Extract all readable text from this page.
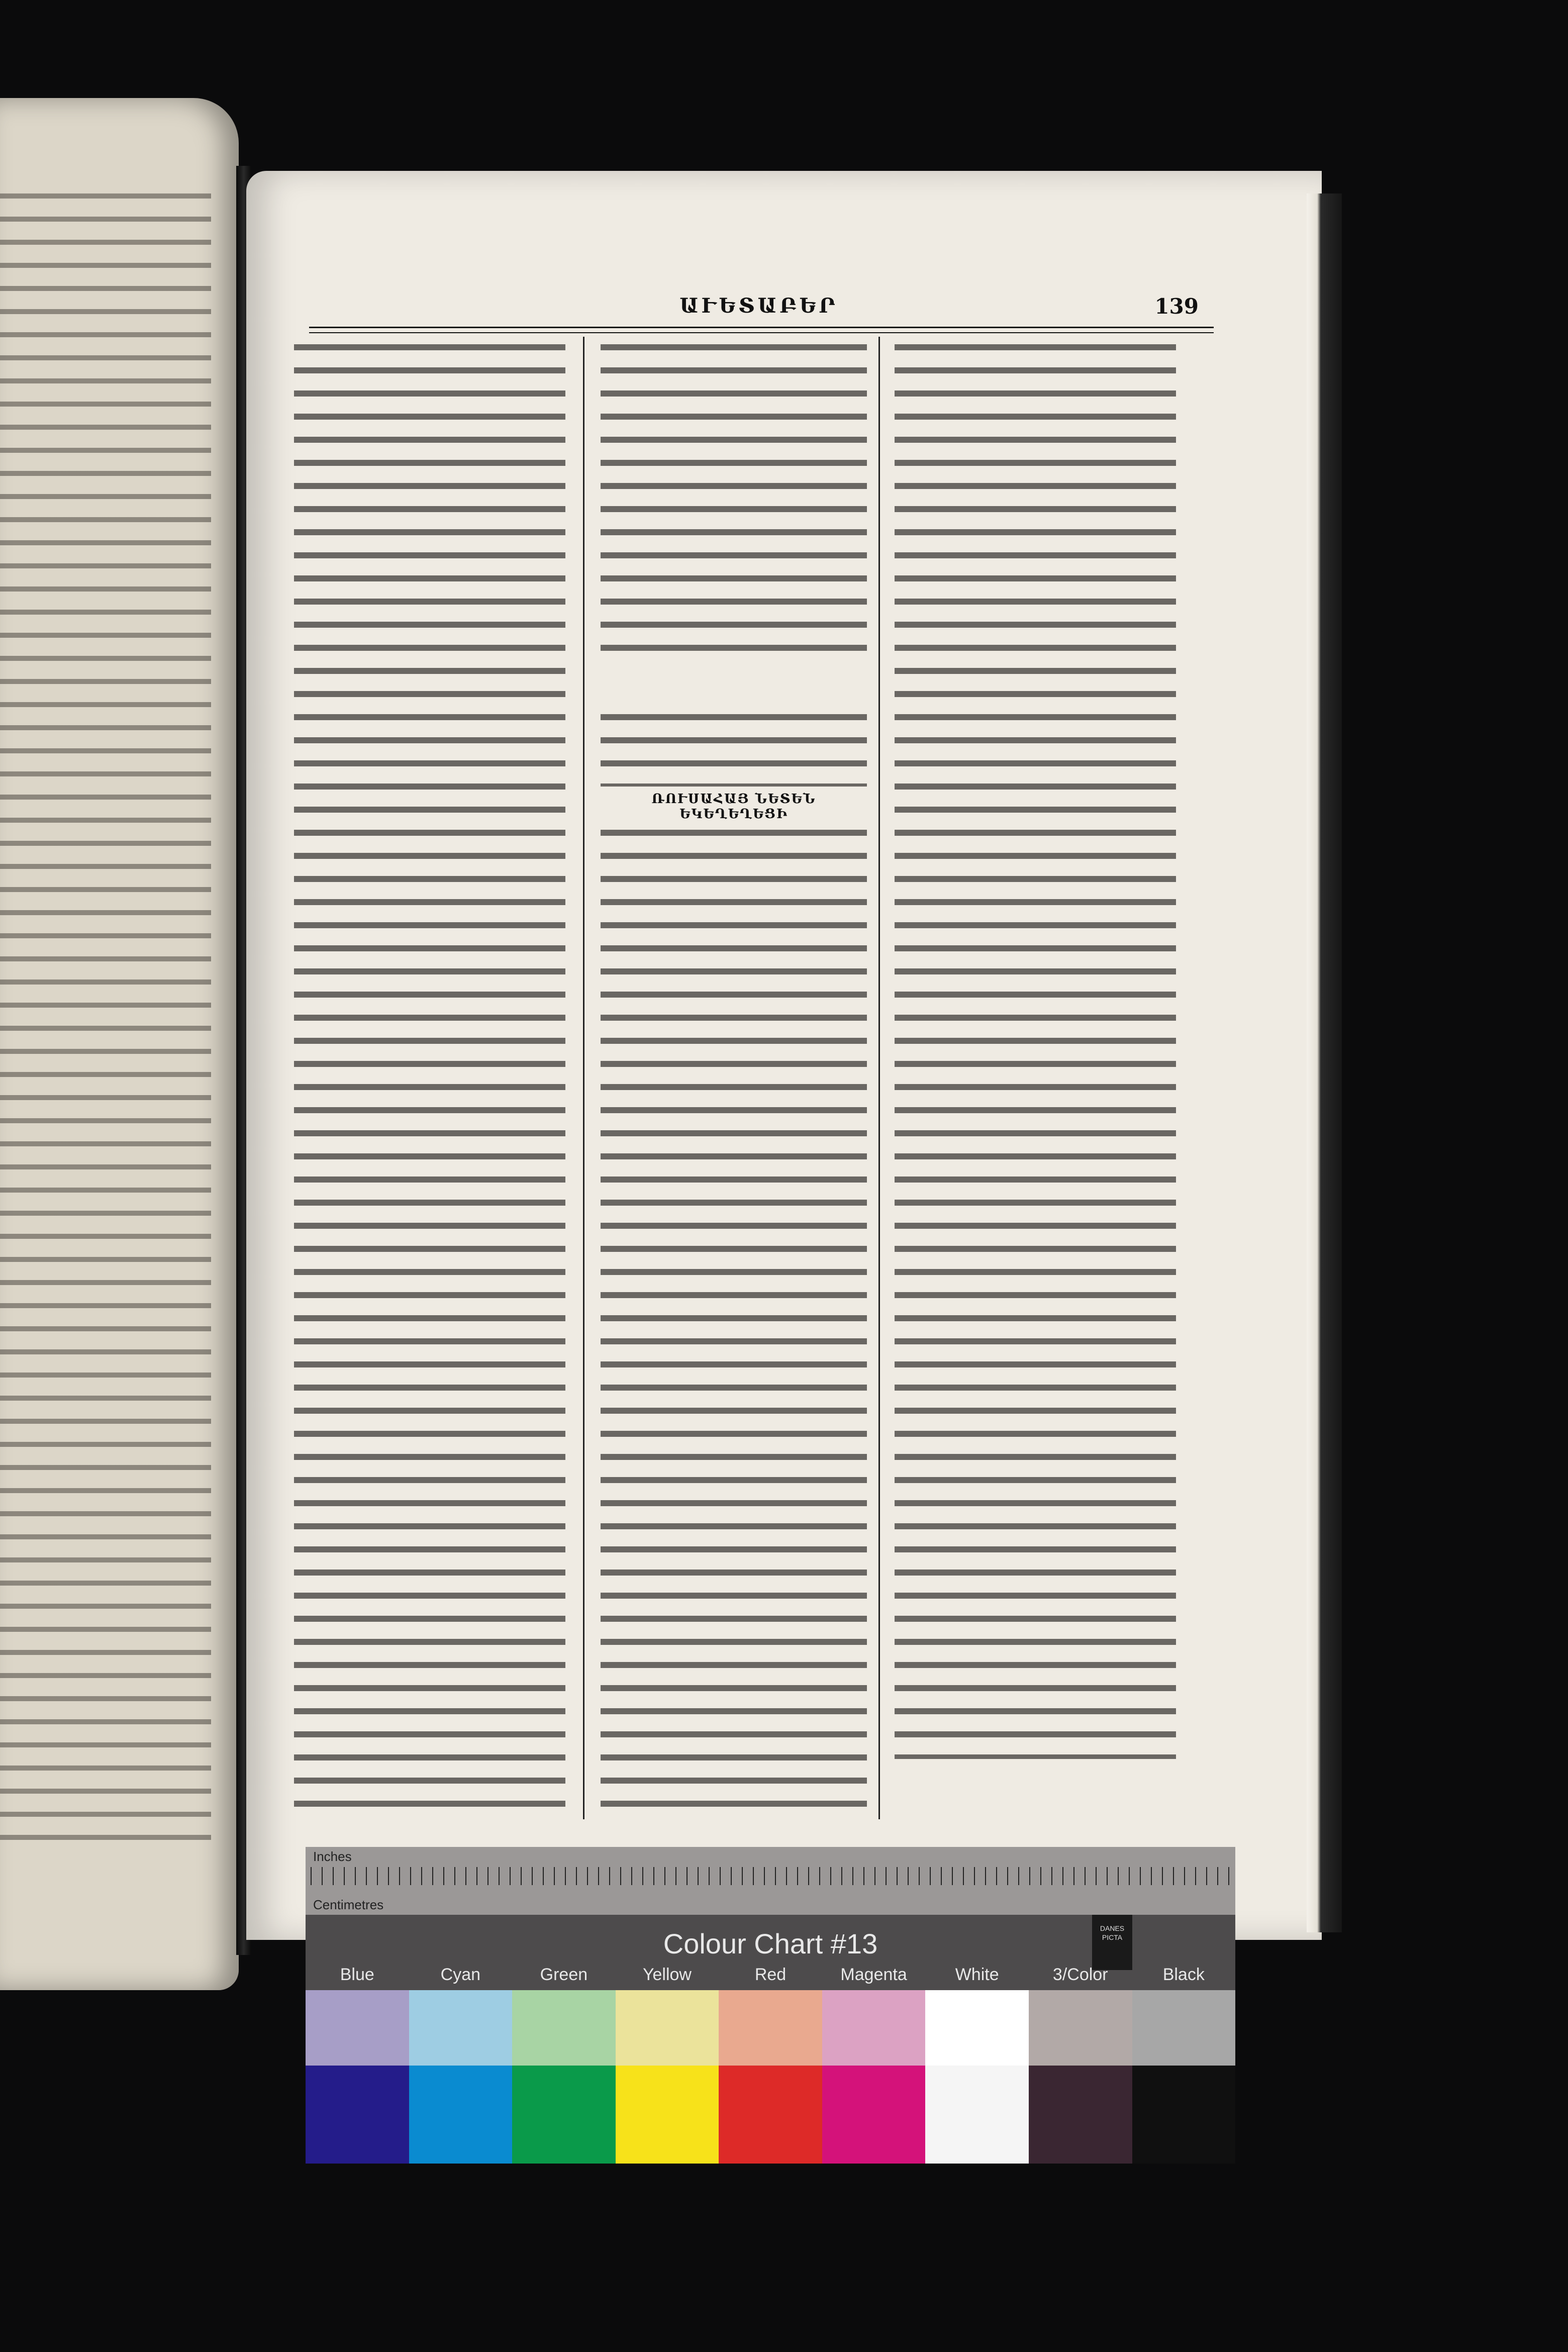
ԱՒԵՏԱԲԵՐ	139
ՌՈՒՍԱՀԱՅ ՆԵՏԵՆ ԵԿԵՂԵՂԵՑԻ
Inches
Centimetres
Colour Chart #13	DANES PICTA
Blue	Cyan	Green	Yellow	Red	Magenta	White	3/Color	Black
